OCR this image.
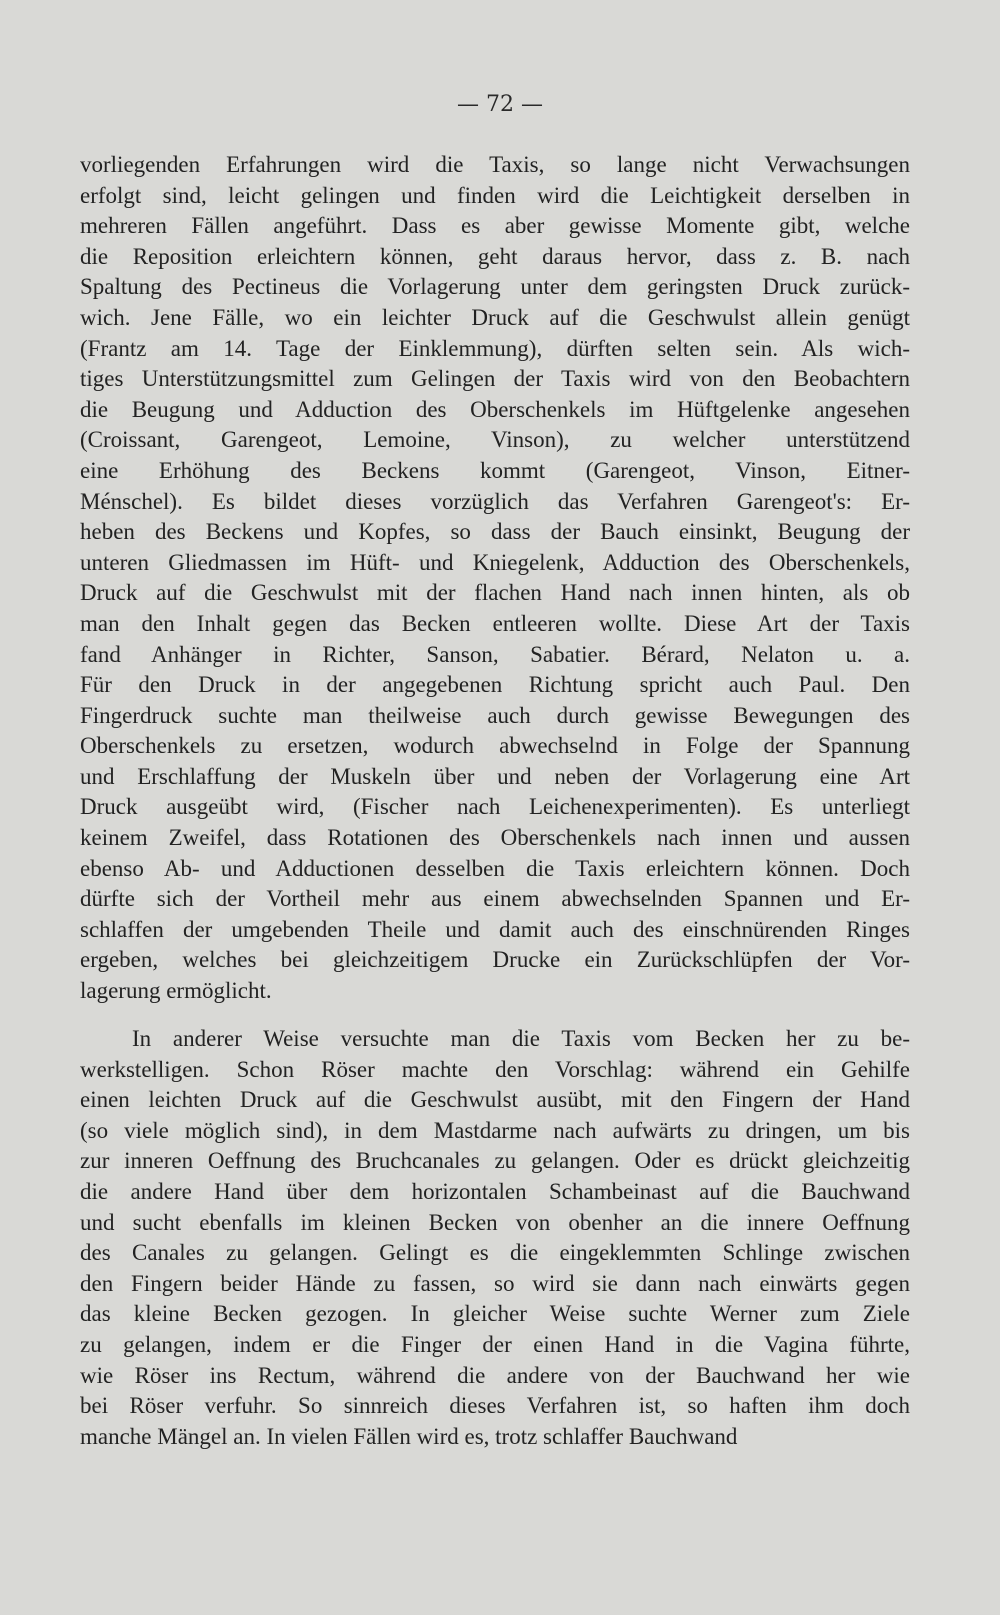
— 72 —
vorliegenden Erfahrungen wird die Taxis, so lange nicht Verwachsungen
erfolgt sind, leicht gelingen und finden wird die Leichtigkeit derselben in
mehreren Fällen angeführt. Dass es aber gewisse Momente gibt, welche
die Reposition erleichtern können, geht daraus hervor, dass z. B. nach
Spaltung des Pectineus die Vorlagerung unter dem geringsten Druck zurück-
wich. Jene Fälle, wo ein leichter Druck auf die Geschwulst allein genügt
(Frantz am 14. Tage der Einklemmung), dürften selten sein. Als wich-
tiges Unterstützungsmittel zum Gelingen der Taxis wird von den Beobachtern
die Beugung und Adduction des Oberschenkels im Hüftgelenke angesehen
(Croissant, Garengeot, Lemoine, Vinson), zu welcher unterstützend
eine Erhöhung des Beckens kommt (Garengeot, Vinson, Eitner-
Ménschel). Es bildet dieses vorzüglich das Verfahren Garengeot's: Er-
heben des Beckens und Kopfes, so dass der Bauch einsinkt, Beugung der
unteren Gliedmassen im Hüft- und Kniegelenk, Adduction des Oberschenkels,
Druck auf die Geschwulst mit der flachen Hand nach innen hinten, als ob
man den Inhalt gegen das Becken entleeren wollte. Diese Art der Taxis
fand Anhänger in Richter, Sanson, Sabatier. Bérard, Nelaton u. a.
Für den Druck in der angegebenen Richtung spricht auch Paul. Den
Fingerdruck suchte man theilweise auch durch gewisse Bewegungen des
Oberschenkels zu ersetzen, wodurch abwechselnd in Folge der Spannung
und Erschlaffung der Muskeln über und neben der Vorlagerung eine Art
Druck ausgeübt wird, (Fischer nach Leichenexperimenten). Es unterliegt
keinem Zweifel, dass Rotationen des Oberschenkels nach innen und aussen
ebenso Ab- und Adductionen desselben die Taxis erleichtern können. Doch
dürfte sich der Vortheil mehr aus einem abwechselnden Spannen und Er-
schlaffen der umgebenden Theile und damit auch des einschnürenden Ringes
ergeben, welches bei gleichzeitigem Drucke ein Zurückschlüpfen der Vor-
lagerung ermöglicht.
In anderer Weise versuchte man die Taxis vom Becken her zu be-
werkstelligen. Schon Röser machte den Vorschlag: während ein Gehilfe
einen leichten Druck auf die Geschwulst ausübt, mit den Fingern der Hand
(so viele möglich sind), in dem Mastdarme nach aufwärts zu dringen, um bis
zur inneren Oeffnung des Bruchcanales zu gelangen. Oder es drückt gleichzeitig
die andere Hand über dem horizontalen Schambeinast auf die Bauchwand
und sucht ebenfalls im kleinen Becken von obenher an die innere Oeffnung
des Canales zu gelangen. Gelingt es die eingeklemmten Schlinge zwischen
den Fingern beider Hände zu fassen, so wird sie dann nach einwärts gegen
das kleine Becken gezogen. In gleicher Weise suchte Werner zum Ziele
zu gelangen, indem er die Finger der einen Hand in die Vagina führte,
wie Röser ins Rectum, während die andere von der Bauchwand her wie
bei Röser verfuhr. So sinnreich dieses Verfahren ist, so haften ihm doch
manche Mängel an. In vielen Fällen wird es, trotz schlaffer Bauchwand
